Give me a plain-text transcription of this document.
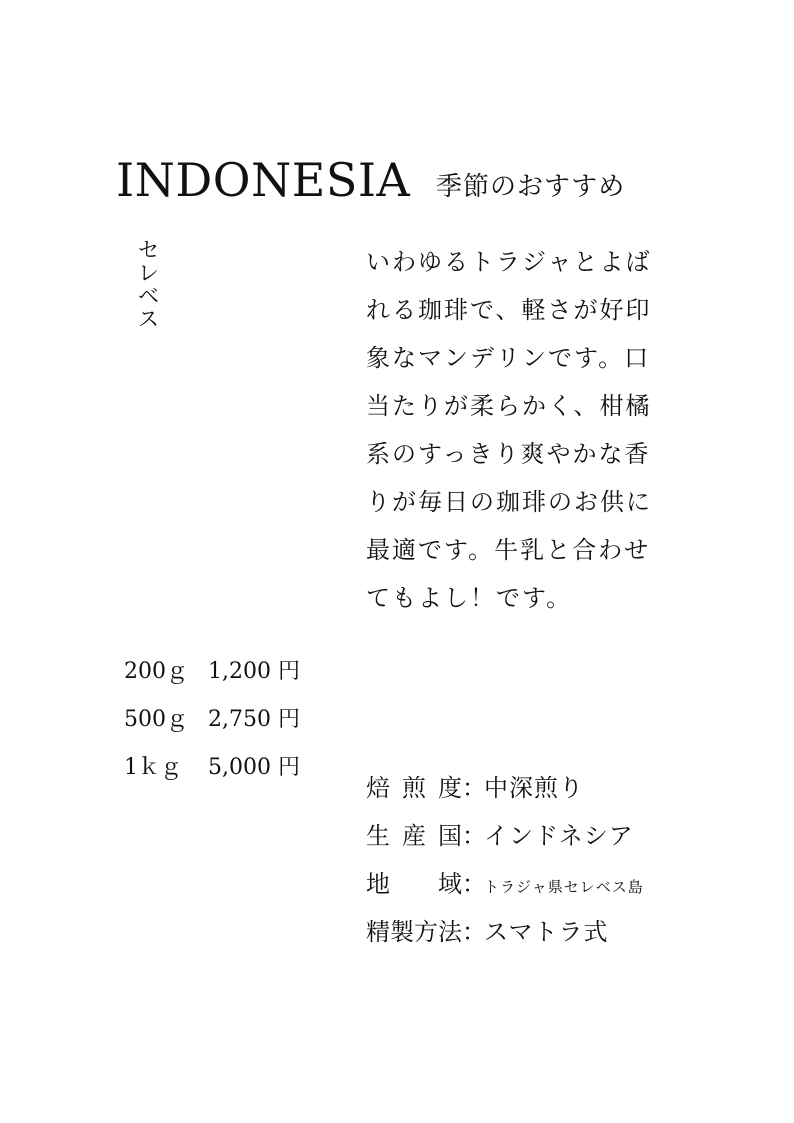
INDONESIA 季節のおすすめ
セレベス	いわゆるトラジャとよば
れる珈琲で、軽さが好印
象なマンデリンです。口
当たりが柔らかく、柑橘
系のすっきり爽やかな香
りが毎日の珈琲のお供に
最適です。牛乳と合わせ
てもよし！です。
200ｇ 1,200 円
500ｇ 2,750 円
1ｋｇ 5,000 円
焙煎度：中深煎り
生産国：インドネシア
地域：トラジャ県セレベス島
精製方法：スマトラ式
